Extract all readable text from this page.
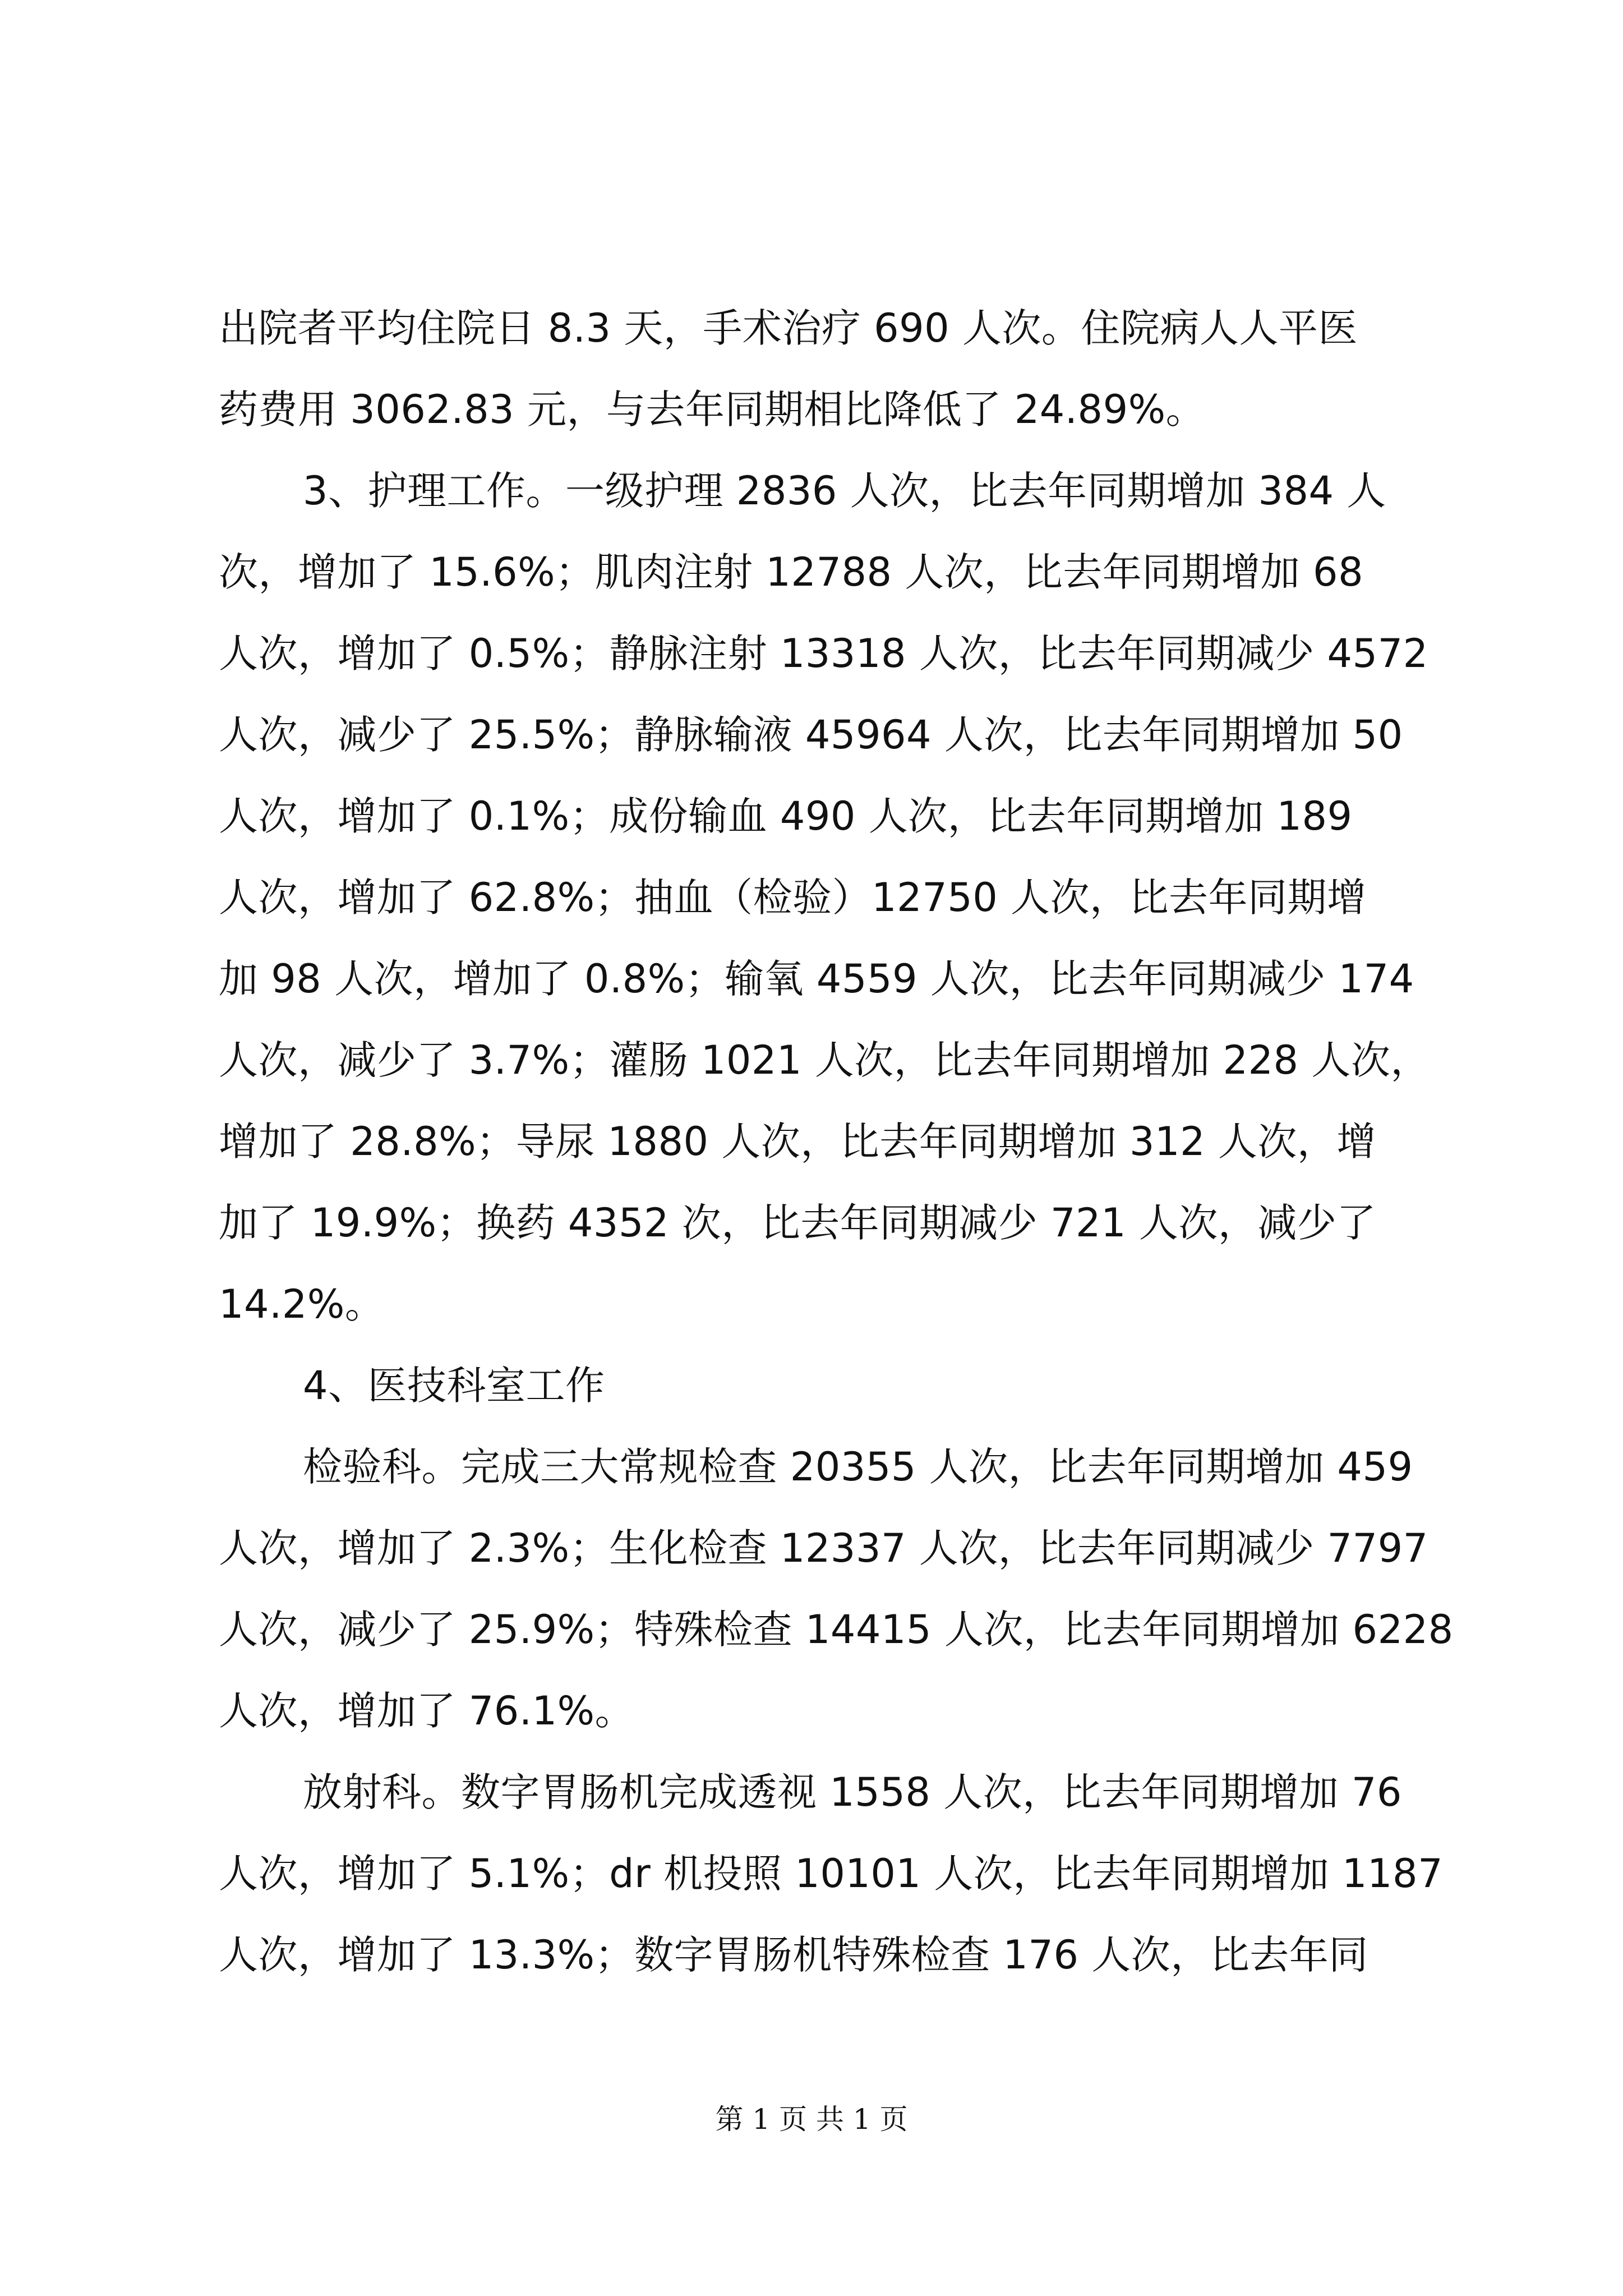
出院者平均住院日 8.3 天，手术治疗 690 人次。住院病人人平医
药费用 3062.83 元，与去年同期相比降低了 24.89%。
3、护理工作。一级护理 2836 人次，比去年同期增加 384 人
次，增加了 15.6%；肌肉注射 12788 人次，比去年同期增加 68
人次，增加了 0.5%；静脉注射 13318 人次，比去年同期减少 4572
人次，减少了 25.5%；静脉输液 45964 人次，比去年同期增加 50
人次，增加了 0.1%；成份输血 490 人次，比去年同期增加 189
人次，增加了 62.8%；抽血（检验）12750 人次，比去年同期增
加 98 人次，增加了 0.8%；输氧 4559 人次，比去年同期减少 174
人次，减少了 3.7%；灌肠 1021 人次，比去年同期增加 228 人次，
增加了 28.8%；导尿 1880 人次，比去年同期增加 312 人次，增
加了 19.9%；换药 4352 次，比去年同期减少 721 人次，减少了
14.2%。
4、医技科室工作
检验科。完成三大常规检查 20355 人次，比去年同期增加 459
人次，增加了 2.3%；生化检查 12337 人次，比去年同期减少 7797
人次，减少了 25.9%；特殊检查 14415 人次，比去年同期增加 6228
人次，增加了 76.1%。
放射科。数字胃肠机完成透视 1558 人次，比去年同期增加 76
人次，增加了 5.1%；dr 机投照 10101 人次，比去年同期增加 1187
人次，增加了 13.3%；数字胃肠机特殊检查 176 人次，比去年同
第 1 页 共 1 页
